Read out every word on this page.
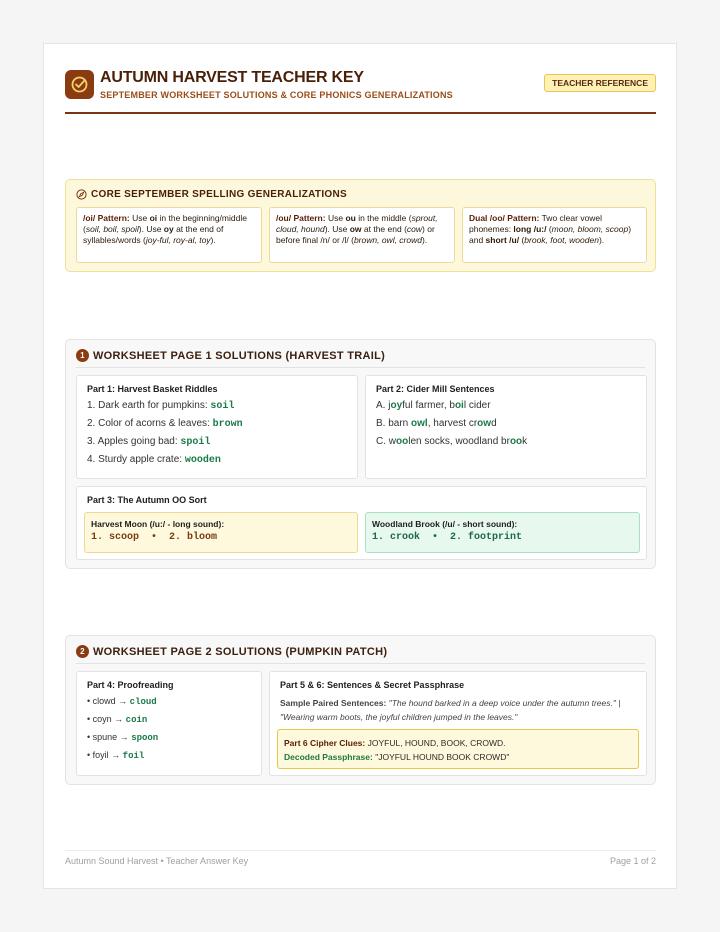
AUTUMN HARVEST TEACHER KEY
SEPTEMBER WORKSHEET SOLUTIONS & CORE PHONICS GENERALIZATIONS
TEACHER REFERENCE
CORE SEPTEMBER SPELLING GENERALIZATIONS
/oi/ Pattern: Use oi in the beginning/middle (soil, boil, spoil). Use oy at the end of syllables/words (joy-ful, roy-al, toy).
/ou/ Pattern: Use ou in the middle (sprout, cloud, hound). Use ow at the end (cow) or before final /n/ or /l/ (brown, owl, crowd).
Dual /oo/ Pattern: Two clear vowel phonemes: long /u:/ (moon, bloom, scoop) and short /u/ (brook, foot, wooden).
1 WORKSHEET PAGE 1 SOLUTIONS (HARVEST TRAIL)
Part 1: Harvest Basket Riddles
1. Dark earth for pumpkins: soil
2. Color of acorns & leaves: brown
3. Apples going bad: spoil
4. Sturdy apple crate: wooden
Part 2: Cider Mill Sentences
A. joyful farmer, boil cider
B. barn owl, harvest crowd
C. woolen socks, woodland brook
Part 3: The Autumn OO Sort
Harvest Moon (/u:/ - long sound):
1. scoop  •  2. bloom
Woodland Brook (/u/ - short sound):
1. crook  •  2. footprint
2 WORKSHEET PAGE 2 SOLUTIONS (PUMPKIN PATCH)
Part 4: Proofreading
• clowd → cloud
• coyn → coin
• spune → spoon
• foyil → foil
Part 5 & 6: Sentences & Secret Passphrase
Sample Paired Sentences: "The hound barked in a deep voice under the autumn trees." | "Wearing warm boots, the joyful children jumped in the leaves."
Part 6 Cipher Clues: JOYFUL, HOUND, BOOK, CROWD.
Decoded Passphrase: "JOYFUL HOUND BOOK CROWD"
Autumn Sound Harvest • Teacher Answer Key	Page 1 of 2
